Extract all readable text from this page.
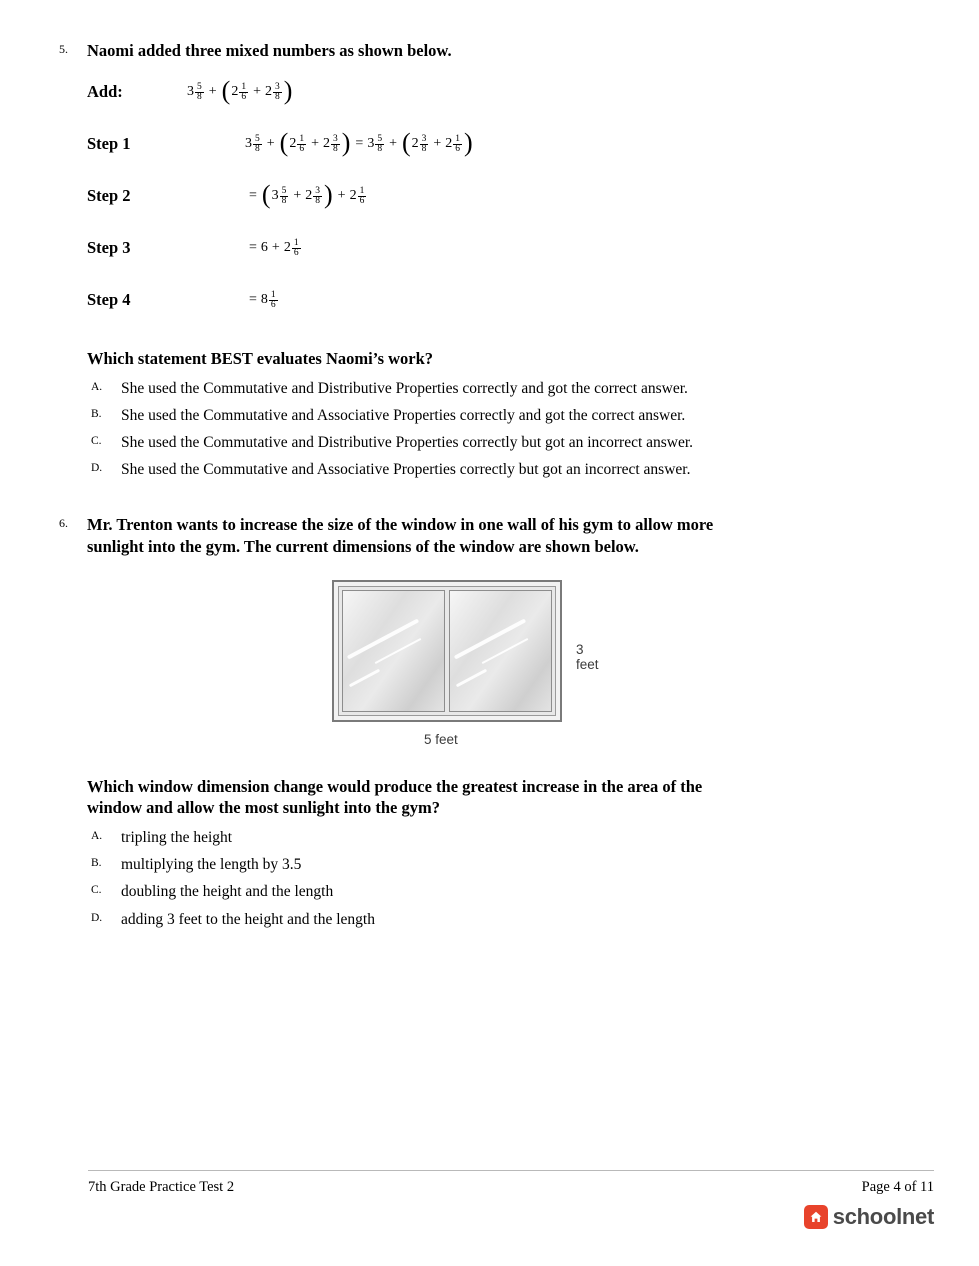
5. Naomi added three mixed numbers as shown below.
Add:	$3 \frac{5}{8}$ + ( $2 \frac{1}{6} + 2 \frac{3}{8}$ )
Step 1	$3 \frac{5}{8}$ + ( $2 \frac{1}{6} + 2 \frac{3}{8}$ ) = $3 \frac{5}{8}$ + ( $2 \frac{3}{8} + 2 \frac{1}{6}$ )
Step 2	= ( $3 \frac{5}{8} + 2 \frac{3}{8}$ ) + $2 \frac{1}{6}$
Step 3	= $6 + 2 \frac{1}{6}$
Step 4	= $8 \frac{1}{6}$
Which statement BEST evaluates Naomi’s work?
A. She used the Commutative and Distributive Properties correctly and got the correct answer.
B. She used the Commutative and Associative Properties correctly and got the correct answer.
C. She used the Commutative and Distributive Properties correctly but got an incorrect answer.
D. She used the Commutative and Associative Properties correctly but got an incorrect answer.
6. Mr. Trenton wants to increase the size of the window in one wall of his gym to allow more sunlight into the gym. The current dimensions of the window are shown below.
3 feet
5 feet
Which window dimension change would produce the greatest increase in the area of the window and allow the most sunlight into the gym?
A. tripling the height
B. multiplying the length by 3.5
C. doubling the height and the length
D. adding 3 feet to the height and the length
7th Grade Practice Test 2	Page 4 of 11
schoolnet
